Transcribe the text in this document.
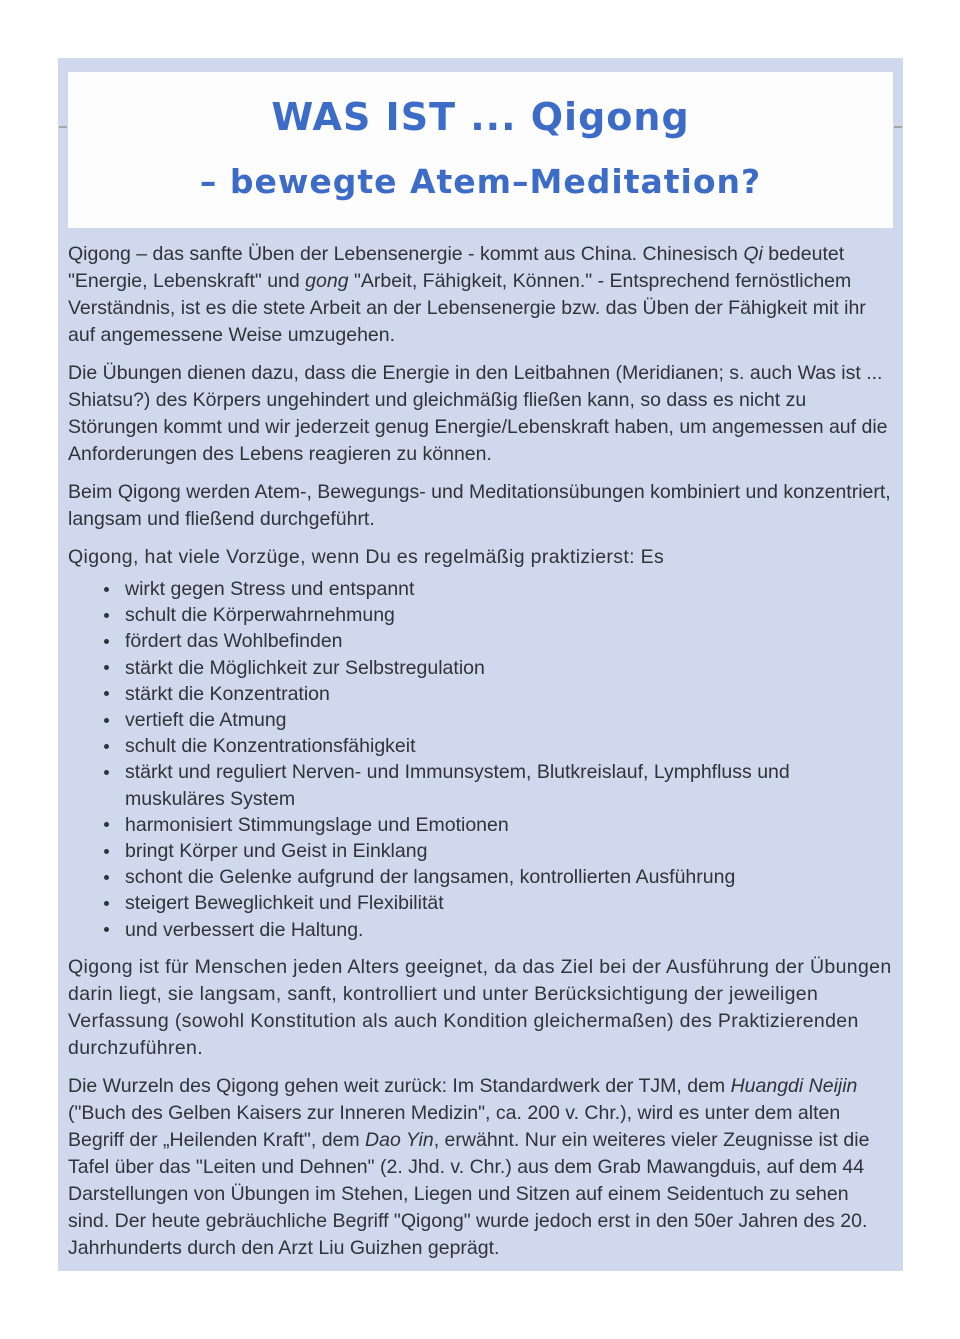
WAS IST ... Qigong
– bewegte Atem–Meditation?

Qigong – das sanfte Üben der Lebensenergie - kommt aus China. Chinesisch Qi bedeutet "Energie, Lebenskraft" und gong "Arbeit, Fähigkeit, Können." - Entsprechend fernöstlichem Verständnis, ist es die stete Arbeit an der Lebensenergie bzw. das Üben der Fähigkeit mit ihr auf angemessene Weise umzugehen.

Die Übungen dienen dazu, dass die Energie in den Leitbahnen (Meridianen; s. auch Was ist ... Shiatsu?) des Körpers ungehindert und gleichmäßig fließen kann, so dass es nicht zu Störungen kommt und wir jederzeit genug Energie/Lebenskraft haben, um angemessen auf die Anforderungen des Lebens reagieren zu können.

Beim Qigong werden Atem-, Bewegungs- und Meditationsübungen kombiniert und konzentriert, langsam und fließend durchgeführt.

Qigong, hat viele Vorzüge, wenn Du es regelmäßig praktizierst: Es

wirkt gegen Stress und entspannt
schult die Körperwahrnehmung
fördert das Wohlbefinden
stärkt die Möglichkeit zur Selbstregulation
stärkt die Konzentration
vertieft die Atmung
schult die Konzentrationsfähigkeit
stärkt und reguliert Nerven- und Immunsystem, Blutkreislauf, Lymphfluss und muskuläres System
harmonisiert Stimmungslage und Emotionen
bringt Körper und Geist in Einklang
schont die Gelenke aufgrund der langsamen, kontrollierten Ausführung
steigert Beweglichkeit und Flexibilität
und verbessert die Haltung.

Qigong ist für Menschen jeden Alters geeignet, da das Ziel bei der Ausführung der Übungen darin liegt, sie langsam, sanft, kontrolliert und unter Berücksichtigung der jeweiligen Verfassung (sowohl Konstitution als auch Kondition gleichermaßen) des Praktizierenden durchzuführen.

Die Wurzeln des Qigong gehen weit zurück: Im Standardwerk der TJM, dem Huangdi Neijin ("Buch des Gelben Kaisers zur Inneren Medizin", ca. 200 v. Chr.), wird es unter dem alten Begriff der „Heilenden Kraft", dem Dao Yin, erwähnt. Nur ein weiteres vieler Zeugnisse ist die Tafel über das "Leiten und Dehnen" (2. Jhd. v. Chr.) aus dem Grab Mawangduis, auf dem 44 Darstellungen von Übungen im Stehen, Liegen und Sitzen auf einem Seidentuch zu sehen sind. Der heute gebräuchliche Begriff "Qigong" wurde jedoch erst in den 50er Jahren des 20. Jahrhunderts durch den Arzt Liu Guizhen geprägt.
